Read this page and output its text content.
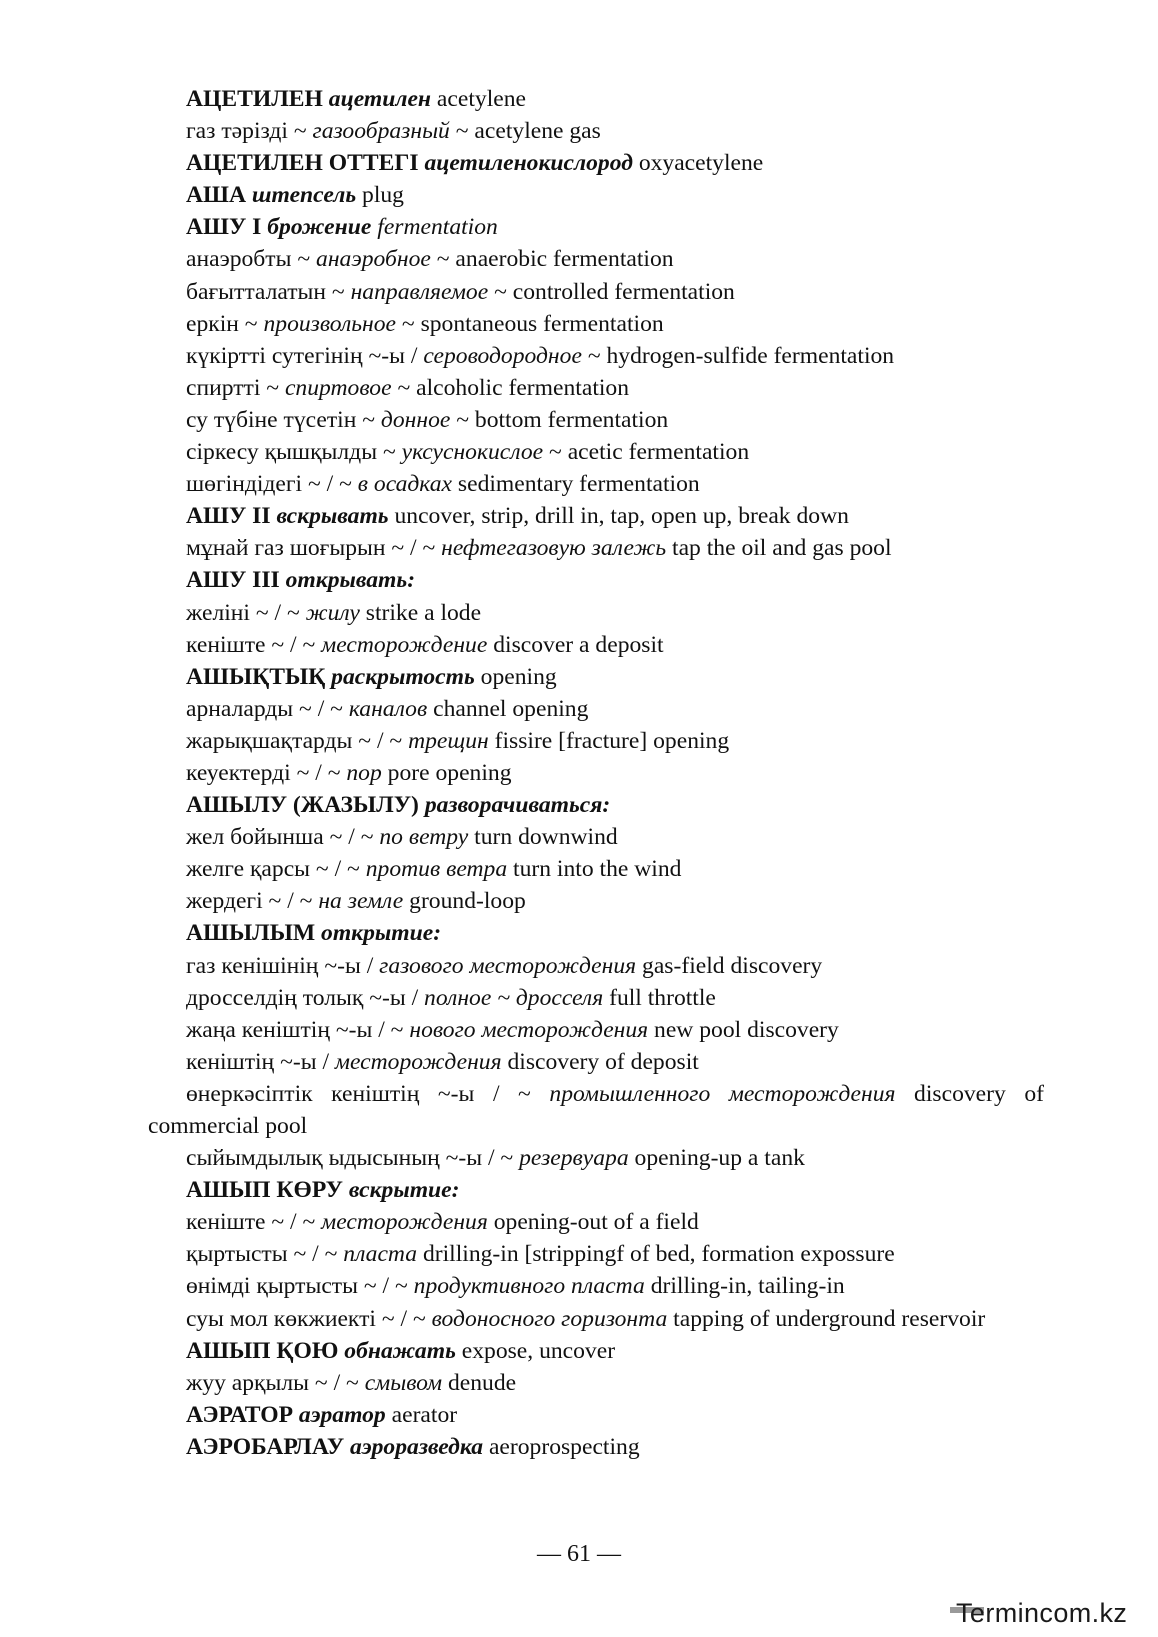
АЦЕТИЛЕН ацетилен acetylene
газ тәрізді ~ газообразный ~ acetylene gas
АЦЕТИЛЕН ОТТЕГІ ацетиленокислород oxyacetylene
АША штепсель plug
АШУ І брожение fermentation
анаэробты ~ анаэробное ~ anaerobic fermentation
бағытталатын ~ направляемое ~ controlled fermentation
еркін ~ произвольное ~ spontaneous fermentation
күкіртті сутегінің ~-ы / сероводородное ~ hydrogen-sulfide fermentation
спиртті ~ спиртовое ~ alcoholic fermentation
су түбіне түсетін ~ донное ~ bottom fermentation
сіркесу қышқылды ~ уксуснокислое ~ acetic fermentation
шөгіндідегі ~ / ~ в осадках sedimentary fermentation
АШУ ІІ вскрывать uncover, strip, drill in, tap, open up, break down
мұнай газ шоғырын ~ / ~ нефтегазовую залежь tap the oil and gas pool
АШУ ІІІ открывать:
желіні ~ / ~ жилу strike a lode
кеніште ~ / ~ месторождение discover a deposit
АШЫҚТЫҚ раскрытость opening
арналарды ~ / ~ каналов channel opening
жарықшақтарды ~ / ~ трещин fissire [fracture] opening
кеуектерді ~ / ~ пор pore opening
АШЫЛУ (ЖАЗЫЛУ) разворачиваться:
жел бойынша ~ / ~ по ветру turn downwind
желге қарсы ~ / ~ против ветра turn into the wind
жердегі ~ / ~ на земле ground-loop
АШЫЛЫМ открытие:
газ кенішінің ~-ы / газового месторождения gas-field discovery
дросселдің толық ~-ы / полное ~ дросселя full throttle
жаңа кеніштің ~-ы / ~ нового месторождения new pool discovery
кеніштің ~-ы / месторождения discovery of deposit
өнеркәсіптік кеніштің ~-ы / ~ промышленного месторождения discovery of commercial pool
сыйымдылық ыдысының ~-ы / ~ резервуара opening-up a tank
АШЫП КӨРУ вскрытие:
кеніште ~ / ~ месторождения opening-out of a field
қыртысты ~ / ~ пласта drilling-in [strippingf of bed, formation expossure
өнімді қыртысты ~ / ~ продуктивного пласта drilling-in, tailing-in
суы мол көкжиекті ~ / ~ водоносного горизонта tapping of underground reservoir
АШЫП ҚОЮ обнажать expose, uncover
жуу арқылы ~ / ~ смывом denude
АЭРАТОР аэратор aerator
АЭРОБАРЛАУ аэроразведка aeroprospecting
— 61 —
Termincom.kz
